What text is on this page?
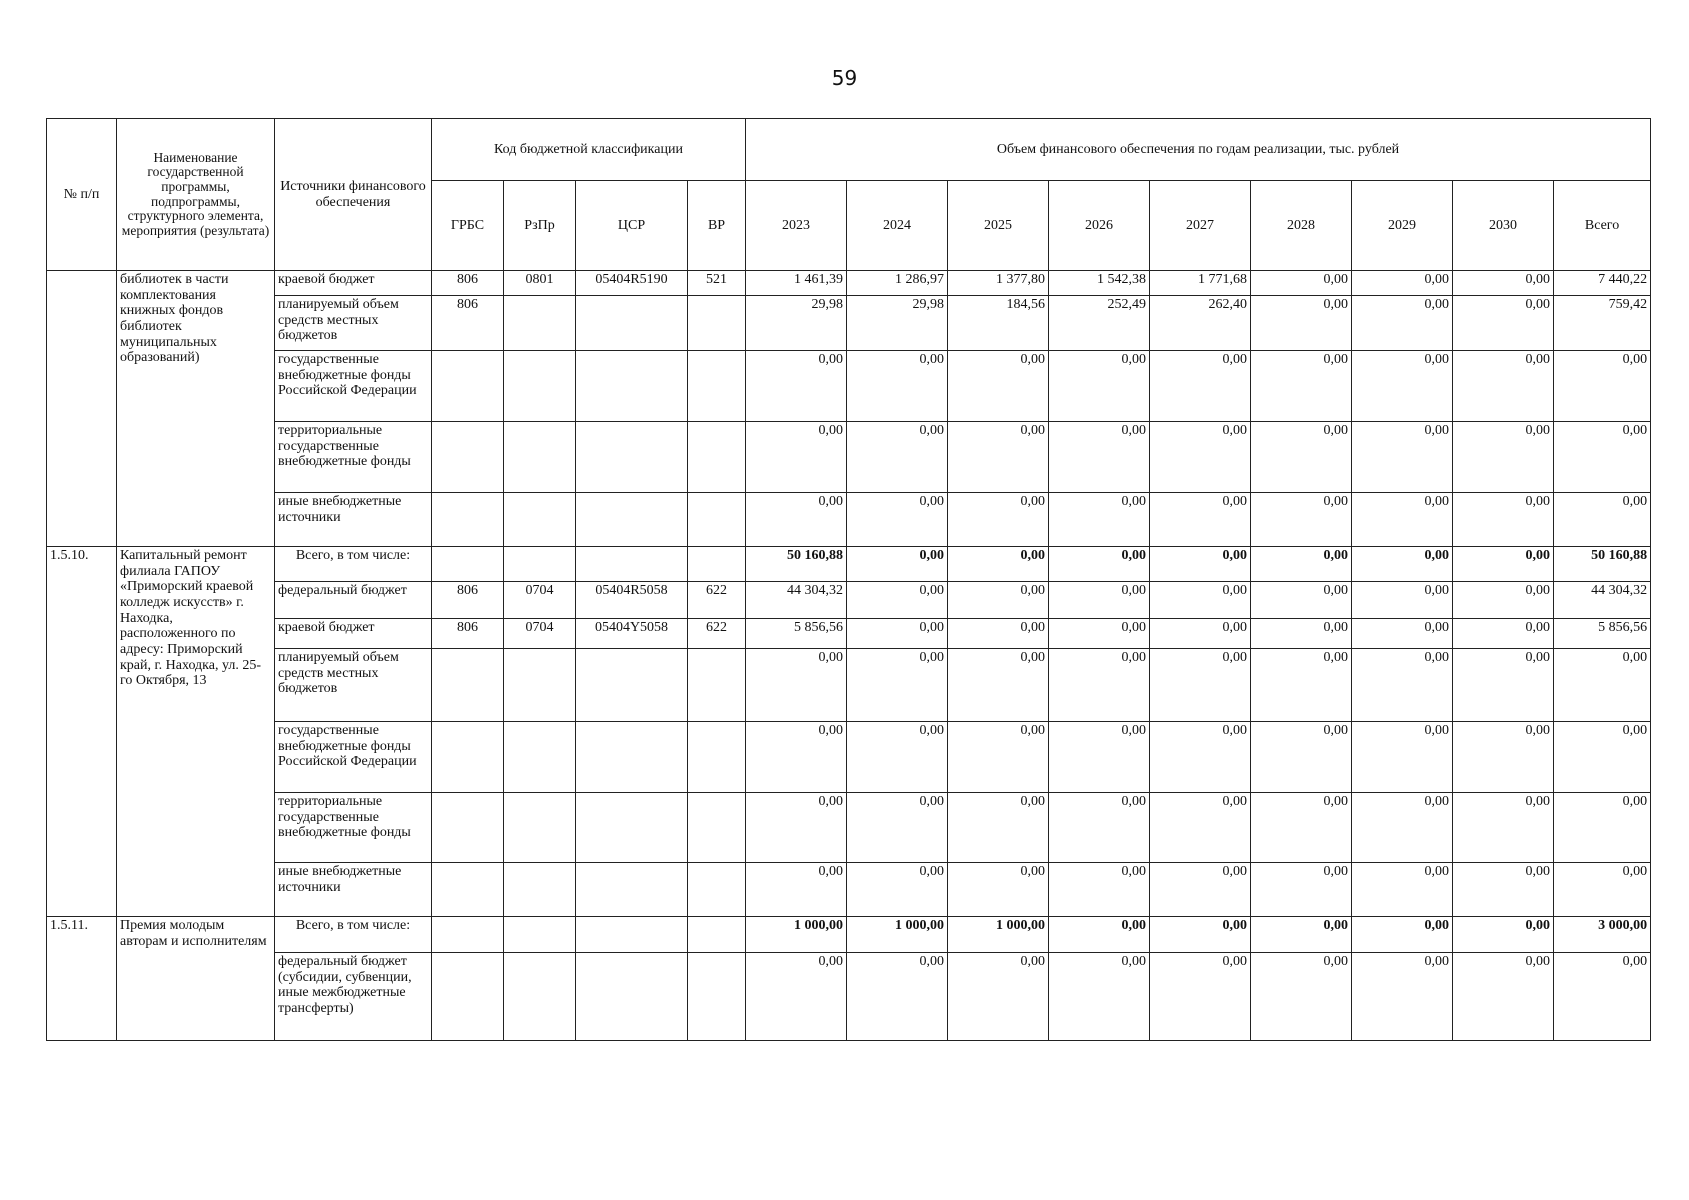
59
№ п/п	Наименование государственной программы, подпрограммы, структурного элемента, мероприятия (результата)	Источники финансового обеспечения	Код бюджетной классификации				Объем финансового обеспечения по годам реализации, тыс. рублей								
			ГРБС	РзПр	ЦСР	ВР	2023	2024	2025	2026	2027	2028	2029	2030	Всего
	библиотек в части комплектования книжных фондов библиотек муниципальных образований)	краевой бюджет	806	0801	05404R5190	521	1 461,39	1 286,97	1 377,80	1 542,38	1 771,68	0,00	0,00	0,00	7 440,22
		планируемый объем средств местных бюджетов	806				29,98	29,98	184,56	252,49	262,40	0,00	0,00	0,00	759,42
		государственные внебюджетные фонды Российской Федерации					0,00	0,00	0,00	0,00	0,00	0,00	0,00	0,00	0,00
		территориальные государственные внебюджетные фонды					0,00	0,00	0,00	0,00	0,00	0,00	0,00	0,00	0,00
		иные внебюджетные источники					0,00	0,00	0,00	0,00	0,00	0,00	0,00	0,00	0,00
1.5.10.	Капитальный ремонт филиала ГАПОУ «Приморский краевой колледж искусств» г. Находка, расположенного по адресу: Приморский край, г. Находка, ул. 25-го Октября, 13	Всего, в том числе:					50 160,88	0,00	0,00	0,00	0,00	0,00	0,00	0,00	50 160,88
		федеральный бюджет	806	0704	05404R5058	622	44 304,32	0,00	0,00	0,00	0,00	0,00	0,00	0,00	44 304,32
		краевой бюджет	806	0704	05404Y5058	622	5 856,56	0,00	0,00	0,00	0,00	0,00	0,00	0,00	5 856,56
		планируемый объем средств местных бюджетов					0,00	0,00	0,00	0,00	0,00	0,00	0,00	0,00	0,00
		государственные внебюджетные фонды Российской Федерации					0,00	0,00	0,00	0,00	0,00	0,00	0,00	0,00	0,00
		территориальные государственные внебюджетные фонды					0,00	0,00	0,00	0,00	0,00	0,00	0,00	0,00	0,00
		иные внебюджетные источники					0,00	0,00	0,00	0,00	0,00	0,00	0,00	0,00	0,00
1.5.11.	Премия молодым авторам и исполнителям	Всего, в том числе:					1 000,00	1 000,00	1 000,00	0,00	0,00	0,00	0,00	0,00	3 000,00
		федеральный бюджет (субсидии, субвенции, иные межбюджетные трансферты)					0,00	0,00	0,00	0,00	0,00	0,00	0,00	0,00	0,00
